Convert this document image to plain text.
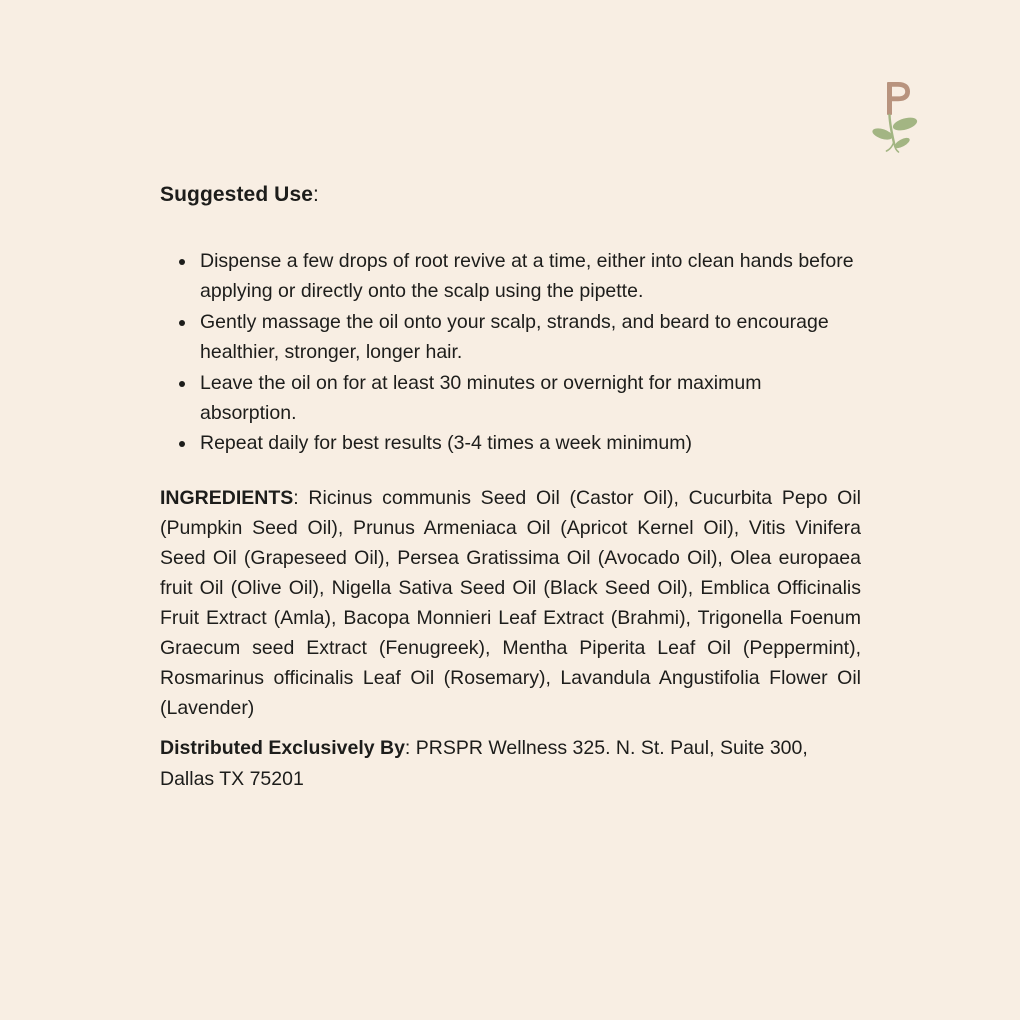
Suggested Use:
• Dispense a few drops of root revive at a time, either into clean hands before applying or directly onto the scalp using the pipette.
• Gently massage the oil onto your scalp, strands, and beard to encourage healthier, stronger, longer hair.
• Leave the oil on for at least 30 minutes or overnight for maximum absorption.
• Repeat daily for best results (3-4 times a week minimum)

INGREDIENTS: Ricinus communis Seed Oil (Castor Oil), Cucurbita Pepo Oil (Pumpkin Seed Oil), Prunus Armeniaca Oil (Apricot Kernel Oil), Vitis Vinifera Seed Oil (Grapeseed Oil), Persea Gratissima Oil (Avocado Oil), Olea europaea fruit Oil (Olive Oil), Nigella Sativa Seed Oil (Black Seed Oil), Emblica Officinalis Fruit Extract (Amla), Bacopa Monnieri Leaf Extract (Brahmi), Trigonella Foenum Graecum seed Extract (Fenugreek), Mentha Piperita Leaf Oil (Peppermint), Rosmarinus officinalis Leaf Oil (Rosemary), Lavandula Angustifolia Flower Oil (Lavender)

Distributed Exclusively By: PRSPR Wellness 325. N. St. Paul, Suite 300, Dallas TX 75201
